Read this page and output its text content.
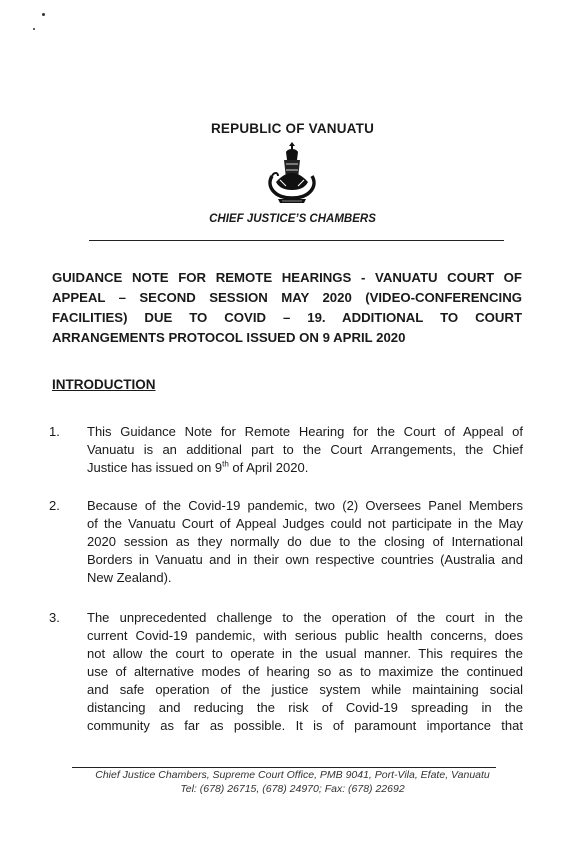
REPUBLIC OF VANUATU
CHIEF JUSTICE’S CHAMBERS
GUIDANCE NOTE FOR REMOTE HEARINGS - VANUATU COURT OF
APPEAL – SECOND SESSION MAY 2020 (VIDEO-CONFERENCING
FACILITIES) DUE TO COVID – 19. ADDITIONAL TO COURT
ARRANGEMENTS PROTOCOL ISSUED ON 9 APRIL 2020
INTRODUCTION
1. This Guidance Note for Remote Hearing for the Court of Appeal of
Vanuatu is an additional part to the Court Arrangements, the Chief
Justice has issued on 9th of April 2020.
2. Because of the Covid-19 pandemic, two (2) Oversees Panel Members
of the Vanuatu Court of Appeal Judges could not participate in the May
2020 session as they normally do due to the closing of International
Borders in Vanuatu and in their own respective countries (Australia and
New Zealand).
3. The unprecedented challenge to the operation of the court in the
current Covid-19 pandemic, with serious public health concerns, does
not allow the court to operate in the usual manner. This requires the
use of alternative modes of hearing so as to maximize the continued
and safe operation of the justice system while maintaining social
distancing and reducing the risk of Covid-19 spreading in the
community as far as possible. It is of paramount importance that
Chief Justice Chambers, Supreme Court Office, PMB 9041, Port-Vila, Efate, Vanuatu
Tel: (678) 26715, (678) 24970; Fax: (678) 22692
